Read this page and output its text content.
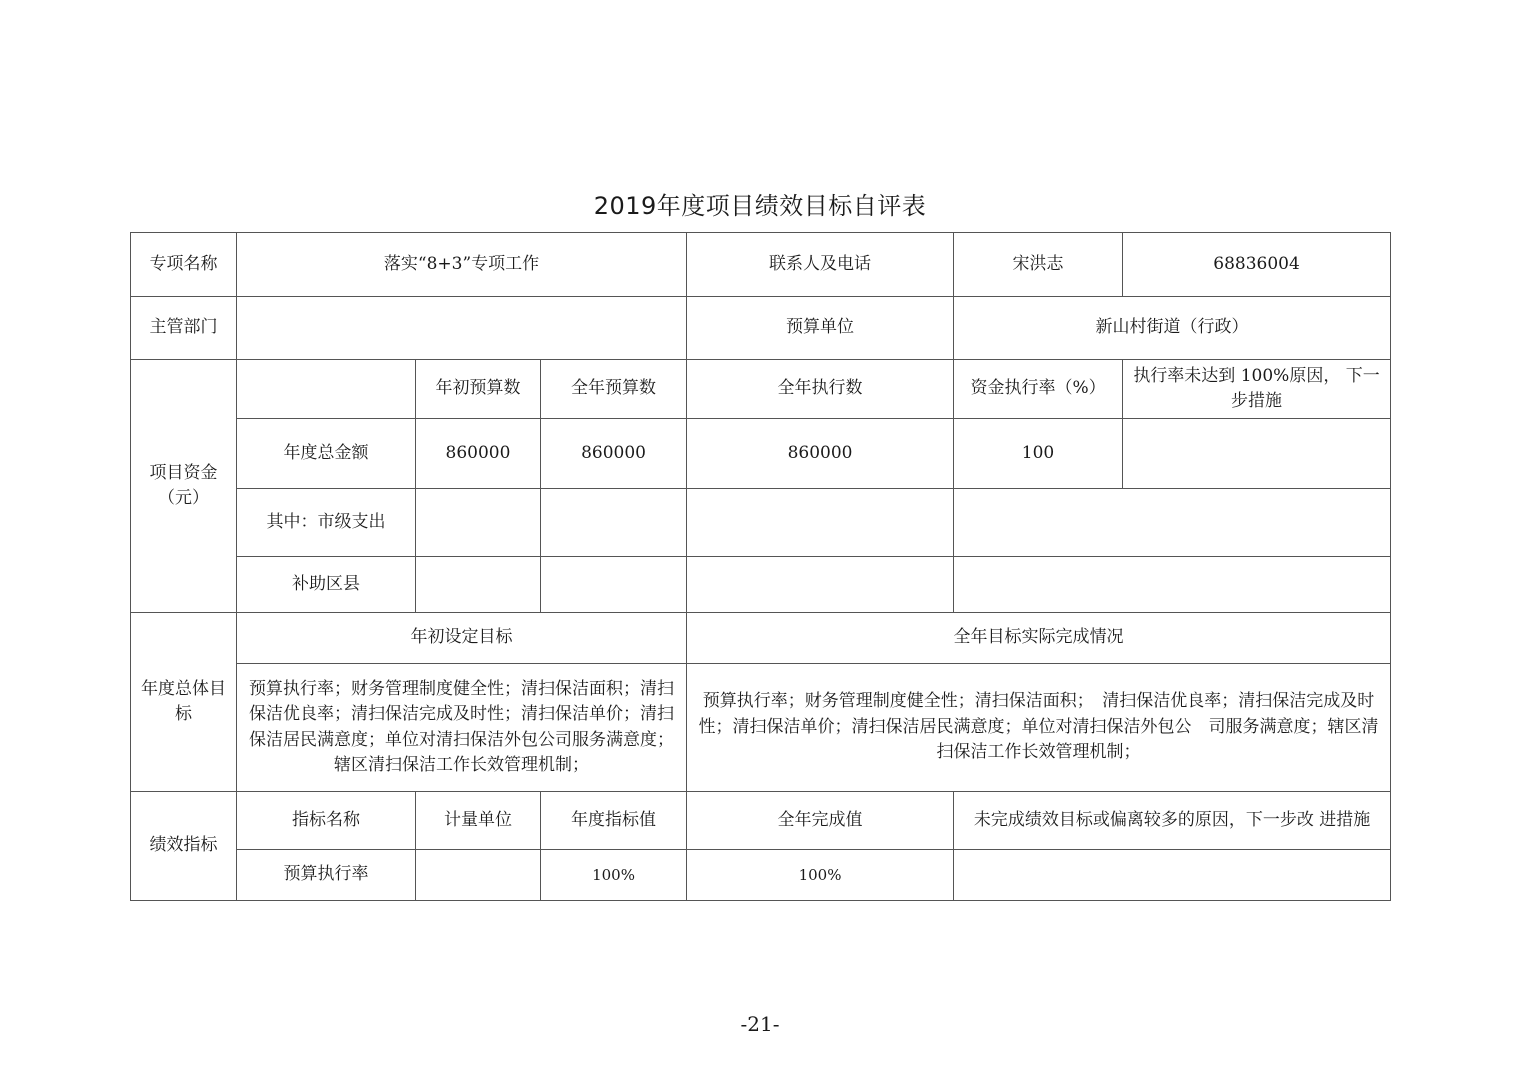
2019年度项目绩效目标自评表
专项名称	落实“8+3”专项工作			联系人及电话	宋洪志	68836004
主管部门				预算单位	新山村街道（行政）	
项目资金（元）		年初预算数	全年预算数	全年执行数	资金执行率（%）	执行率未达到 100%原因， 下一步措施
	年度总金额	860000	860000	860000	100	
	其中：市级支出					
	补助区县					
年度总体目标	年初设定目标			全年目标实际完成情况		
	预算执行率；财务管理制度健全性；清扫保洁面积；清扫保洁优良率；清扫保洁完成及时性；清扫保洁单价；清扫保洁居民满意度；单位对清扫保洁外包公司服务满意度；辖区清扫保洁工作长效管理机制；			预算执行率；财务管理制度健全性；清扫保洁面积；　清扫保洁优良率；清扫保洁完成及时性；清扫保洁单价；清扫保洁居民满意度；单位对清扫保洁外包公　司服务满意度；辖区清扫保洁工作长效管理机制；		
绩效指标	指标名称	计量单位	年度指标值	全年完成值	未完成绩效目标或偏离较多的原因，下一步改 进措施	
	预算执行率		100%	100%		
-21-
